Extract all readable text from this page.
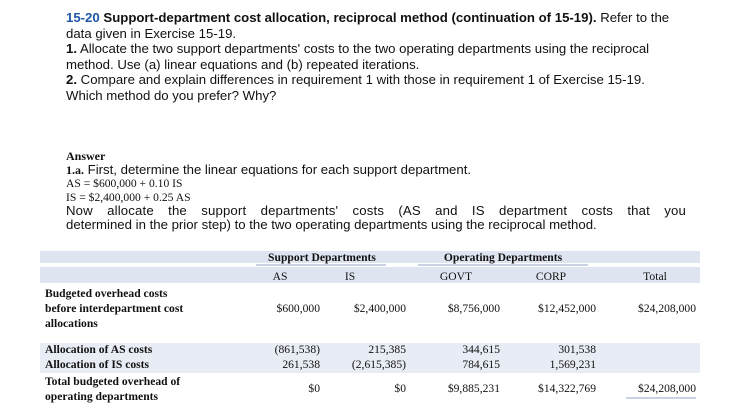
15-20 Support-department cost allocation, reciprocal method (continuation of 15-19). Refer to the data given in Exercise 15-19.

1. Allocate the two support departments' costs to the two operating departments using the reciprocal method. Use (a) linear equations and (b) repeated iterations.

2. Compare and explain differences in requirement 1 with those in requirement 1 of Exercise 15-19.

Which method do you prefer? Why?

Answer

1.a. First, determine the linear equations for each support department.

AS = $600,000 + 0.10 IS

IS = $2,400,000 + 0.25 AS

Now allocate the support departments' costs (AS and IS department costs that you

determined in the prior step) to the two operating departments using the reciprocal method.

Support Departments	Operating Departments
AS	IS	GOVT	CORP	Total
Budgeted overhead costs
before interdepartment cost
allocations
$600,000	$2,400,000	$8,756,000	$12,452,000	$24,208,000
Allocation of AS costs	(861,538)	215,385	344,615	301,538
Allocation of IS costs	261,538	(2,615,385)	784,615	1,569,231
Total budgeted overhead of
operating departments
$0	$0	$9,885,231	$14,322,769	$24,208,000
